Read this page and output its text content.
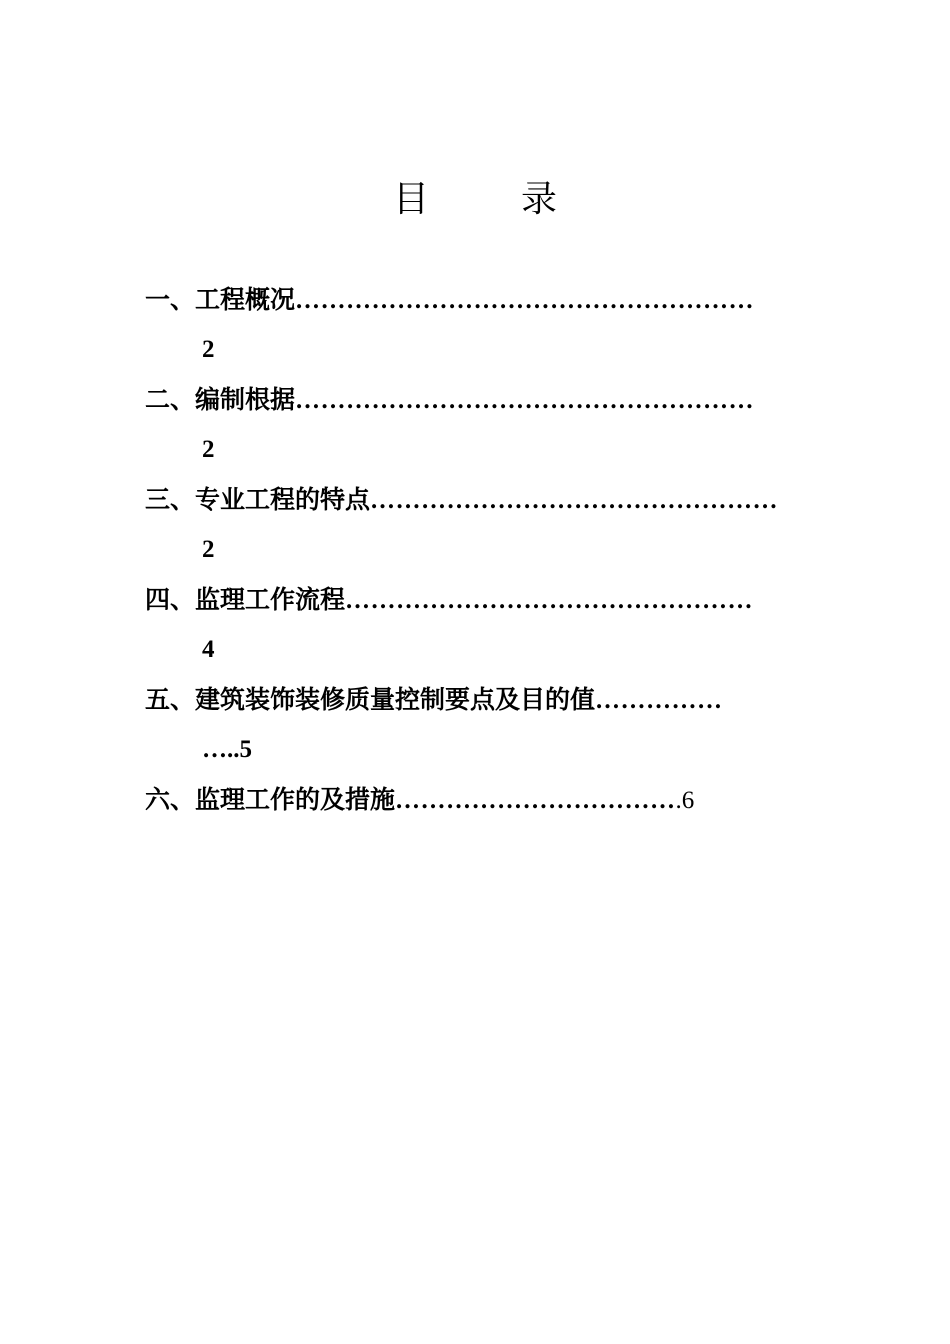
目　录
一、工程概况………………………………………………
2
二、编制根据………………………………………………
2
三、专业工程的特点…………………………………………
2
四、监理工作流程…………………………………………
4
五、建筑装饰装修质量控制要点及目的值……………
…..5
六、监理工作的及措施…………………………….6
